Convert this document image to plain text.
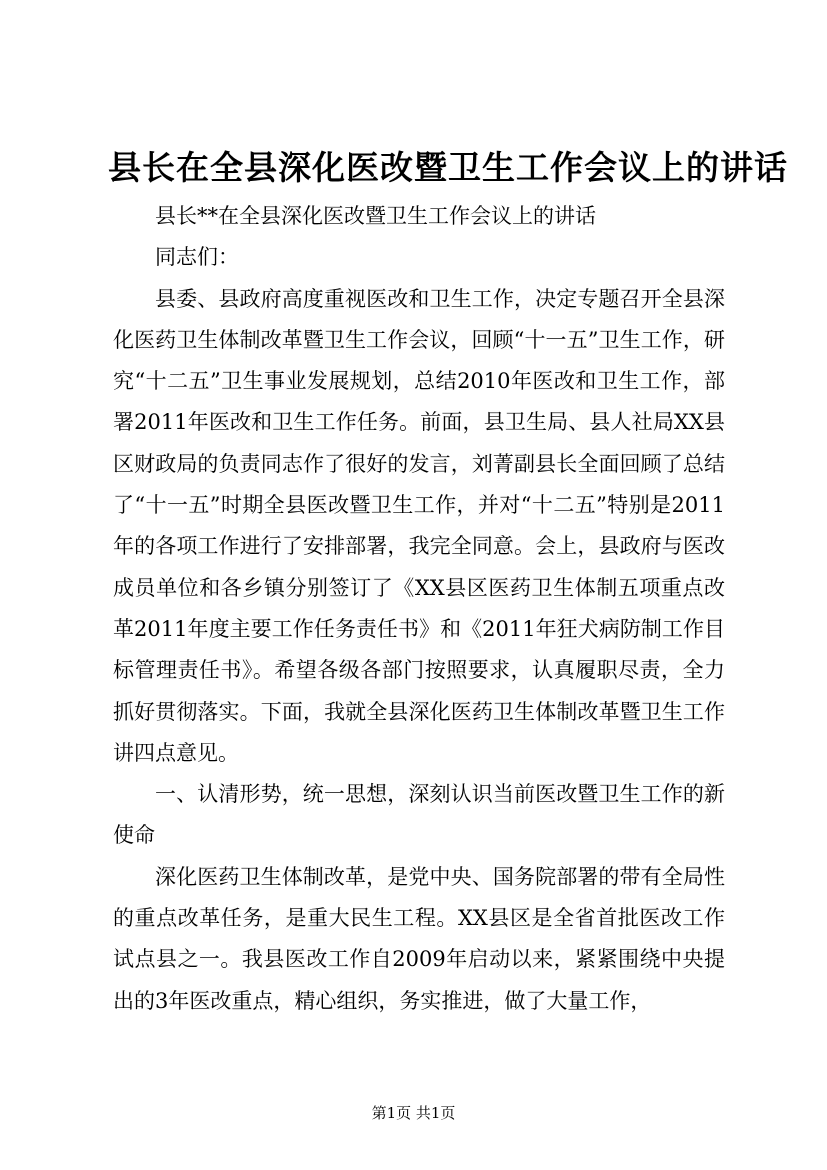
县长在全县深化医改暨卫生工作会议上的讲话

县长**在全县深化医改暨卫生工作会议上的讲话

同志们：

县委、县政府高度重视医改和卫生工作，决定专题召开全县深化医药卫生体制改革暨卫生工作会议，回顾“十一五”卫生工作，研究“十二五”卫生事业发展规划，总结2010年医改和卫生工作，部署2011年医改和卫生工作任务。前面，县卫生局、县人社局XX县区财政局的负责同志作了很好的发言，刘菁副县长全面回顾了总结了“十一五”时期全县医改暨卫生工作，并对“十二五”特别是2011年的各项工作进行了安排部署，我完全同意。会上，县政府与医改成员单位和各乡镇分别签订了《XX县区医药卫生体制五项重点改革2011年度主要工作任务责任书》和《2011年狂犬病防制工作目标管理责任书》。希望各级各部门按照要求，认真履职尽责，全力抓好贯彻落实。下面，我就全县深化医药卫生体制改革暨卫生工作讲四点意见。

一、认清形势，统一思想，深刻认识当前医改暨卫生工作的新使命

深化医药卫生体制改革，是党中央、国务院部署的带有全局性的重点改革任务，是重大民生工程。XX县区是全省首批医改工作试点县之一。我县医改工作自2009年启动以来，紧紧围绕中央提出的3年医改重点，精心组织，务实推进，做了大量工作，

第1页 共1页
